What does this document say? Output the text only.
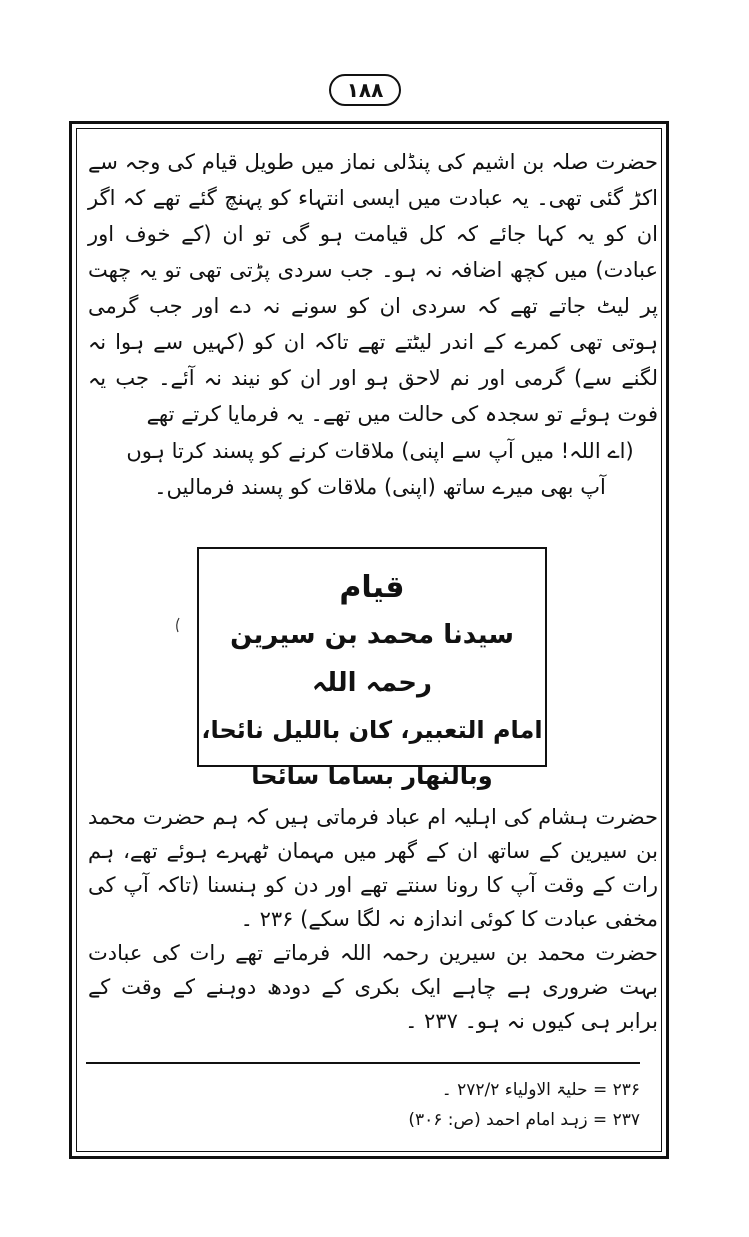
١٨٨

حضرت صلہ بن اشیم کی پنڈلی نماز میں طویل قیام کی وجہ سے اکڑ گئی تھی۔ یہ عبادت میں ایسی انتہاء کو پہنچ گئے تھے کہ اگر ان کو یہ کہا جائے کہ کل قیامت ہو گی تو ان (کے خوف اور عبادت) میں کچھ اضافہ نہ ہو۔ جب سردی پڑتی تھی تو یہ چھت پر لیٹ جاتے تھے کہ سردی ان کو سونے نہ دے اور جب گرمی ہوتی تھی کمرے کے اندر لیٹتے تھے تاکہ ان کو (کہیں سے ہوا نہ لگنے سے) گرمی اور نم لاحق ہو اور ان کو نیند نہ آئے۔ جب یہ فوت ہوئے تو سجدہ کی حالت میں تھے۔ یہ فرمایا کرتے تھے

(اے اللہ! میں آپ سے اپنی) ملاقات کرنے کو پسند کرتا ہوں

آپ بھی میرے ساتھ (اپنی) ملاقات کو پسند فرمالیں۔

قیام
سیدنا محمد بن سیرین رحمہ اللہ
امام التعبير، كان بالليل نائحا،
وبالنهار بساما سائحا

حضرت ہشام کی اہلیہ ام عباد فرماتی ہیں کہ ہم حضرت محمد بن سیرین کے ساتھ ان کے گھر میں مہمان ٹھہرے ہوئے تھے، ہم رات کے وقت آپ کا رونا سنتے تھے اور دن کو ہنسنا (تاکہ آپ کی مخفی عبادت کا کوئی اندازہ نہ لگا سکے) ۲۳۶ ۔

حضرت محمد بن سیرین رحمہ اللہ فرماتے تھے رات کی عبادت بہت ضروری ہے چاہے ایک بکری کے دودھ دوہنے کے وقت کے برابر ہی کیوں نہ ہو۔ ۲۳۷ ۔

۲۳۶ = حلیۃ الاولیاء ۲۷۲/۲ ۔

۲۳۷ = زہد امام احمد (ص: ۳۰۶)
